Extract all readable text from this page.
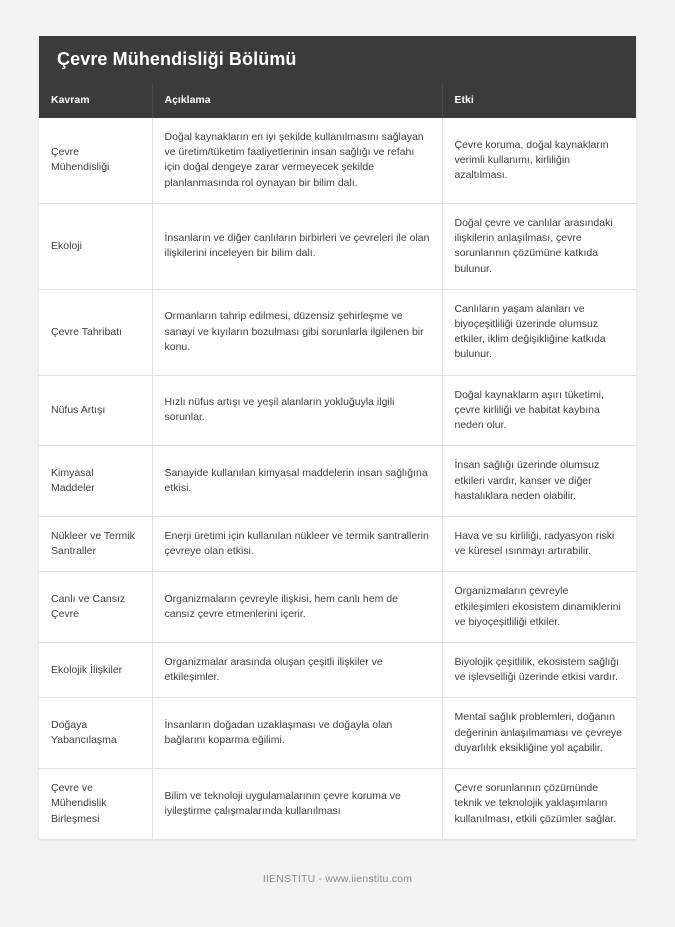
Çevre Mühendisliği Bölümü
Kavram	Açıklama	Etki
Çevre Mühendisliği	Doğal kaynakların en iyi şekilde kullanılmasını sağlayan ve üretim/tüketim faaliyetlerinin insan sağlığı ve refahı için doğal dengeye zarar vermeyecek şekilde planlanmasında rol oynayan bir bilim dalı.	Çevre koruma, doğal kaynakların verimli kullanımı, kirliliğin azaltılması.
Ekoloji	İnsanların ve diğer canlıların birbirleri ve çevreleri ile olan ilişkilerini inceleyen bir bilim dalı.	Doğal çevre ve canlılar arasındaki ilişkilerin anlaşılması, çevre sorunlarının çözümüne katkıda bulunur.
Çevre Tahribatı	Ormanların tahrip edilmesi, düzensiz şehirleşme ve sanayi ve kıyıların bozulması gibi sorunlarla ilgilenen bir konu.	Canlıların yaşam alanları ve biyoçeşitliliği üzerinde olumsuz etkiler, iklim değişikliğine katkıda bulunur.
Nüfus Artışı	Hızlı nüfus artışı ve yeşil alanların yokluğuyla ilgili sorunlar.	Doğal kaynakların aşırı tüketimi, çevre kirliliği ve habitat kaybına neden olur.
Kimyasal Maddeler	Sanayide kullanılan kimyasal maddelerin insan sağlığına etkisi.	İnsan sağlığı üzerinde olumsuz etkileri vardır, kanser ve diğer hastalıklara neden olabilir.
Nükleer ve Termik Santraller	Enerji üretimi için kullanılan nükleer ve termik santrallerin çevreye olan etkisi.	Hava ve su kirliliği, radyasyon riski ve küresel ısınmayı artırabilir.
Canlı ve Cansız Çevre	Organizmaların çevreyle ilişkisi, hem canlı hem de cansız çevre etmenlerini içerir.	Organizmaların çevreyle etkileşimleri ekosistem dinamiklerini ve biyoçeşitliliği etkiler.
Ekolojik İlişkiler	Organizmalar arasında oluşan çeşitli ilişkiler ve etkileşimler.	Biyolojik çeşitlilik, ekosistem sağlığı ve işlevselliği üzerinde etkisi vardır.
Doğaya Yabancılaşma	İnsanların doğadan uzaklaşması ve doğayla olan bağlarını koparma eğilimi.	Mental sağlık problemleri, doğanın değerinin anlaşılmaması ve çevreye duyarlılık eksikliğine yol açabilir.
Çevre ve Mühendislik Birleşmesi	Bilim ve teknoloji uygulamalarının çevre koruma ve iyileştirme çalışmalarında kullanılması	Çevre sorunlarının çözümünde teknik ve teknolojik yaklaşımların kullanılması, etkili çözümler sağlar.
IIENSTITU - www.iienstitu.com
